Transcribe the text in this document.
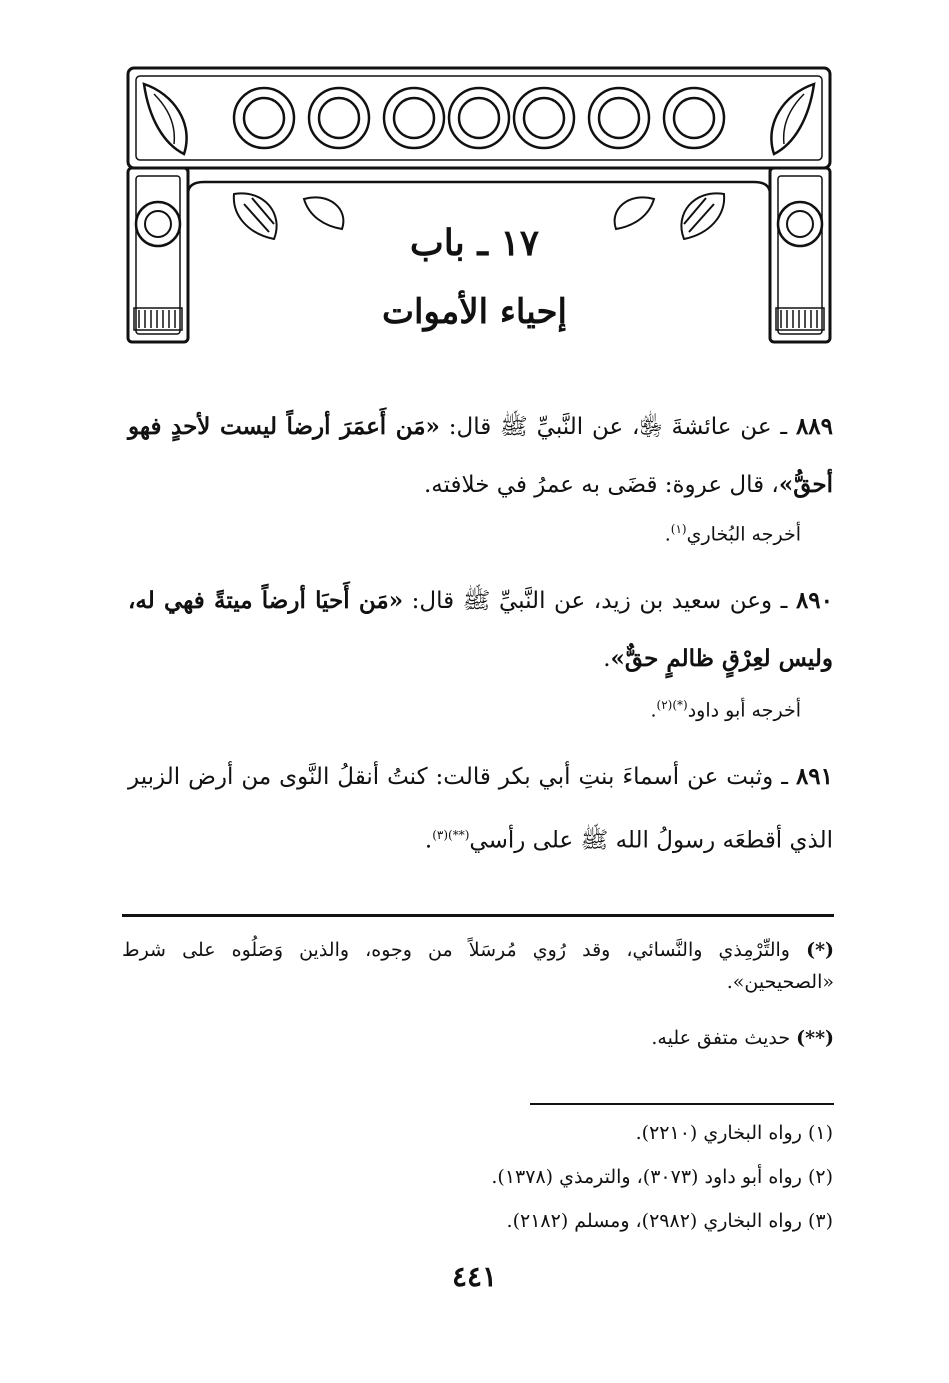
١٧ ـ باب
إحياء الأموات
٨٨٩ ـ عن عائشةَ ﵂، عن النَّبيِّ ﷺ قال: «مَن أَعمَرَ أرضاً ليست لأحدٍ فهو أحقُّ»، قال عروة: قضَى به عمرُ في خلافته.
أخرجه البُخاري$^{(١)}$.
٨٩٠ ـ وعن سعيد بن زيد، عن النَّبيِّ ﷺ قال: «مَن أَحيَا أرضاً ميتةً فهي له، وليس لعِرْقٍ ظالمٍ حقٌّ».
أخرجه أبو داود$^{(*)(٢)}$.
٨٩١ ـ وثبت عن أسماءَ بنتِ أبي بكر قالت: كنتُ أنقلُ النَّوى من أرض الزبير الذي أقطعَه رسولُ الله ﷺ على رأسي$^{(**)(٣)}$.
(*) والتِّرْمِذي والنَّسائي، وقد رُوي مُرسَلاً من وجوه، والذين وَصَلُوه على شرط «الصحيحين».
(**) حديث متفق عليه.
(١) رواه البخاري (٢٢١٠).
(٢) رواه أبو داود (٣٠٧٣)، والترمذي (١٣٧٨).
(٣) رواه البخاري (٢٩٨٢)، ومسلم (٢١٨٢).
٤٤١
